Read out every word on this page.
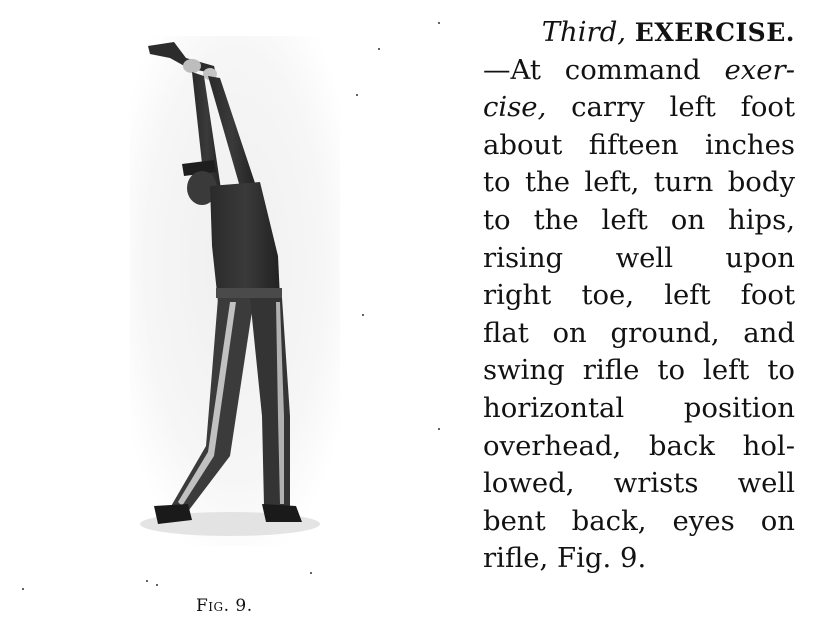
Fig. 9.
Third, EXERCISE.
—At command exer-
cise, carry left foot
about fifteen inches
to the left, turn body
to the left on hips,
rising well upon
right toe, left foot
flat on ground, and
swing rifle to left to
horizontal position
overhead, back hol-
lowed, wrists well
bent back, eyes on
rifle, Fig. 9.
